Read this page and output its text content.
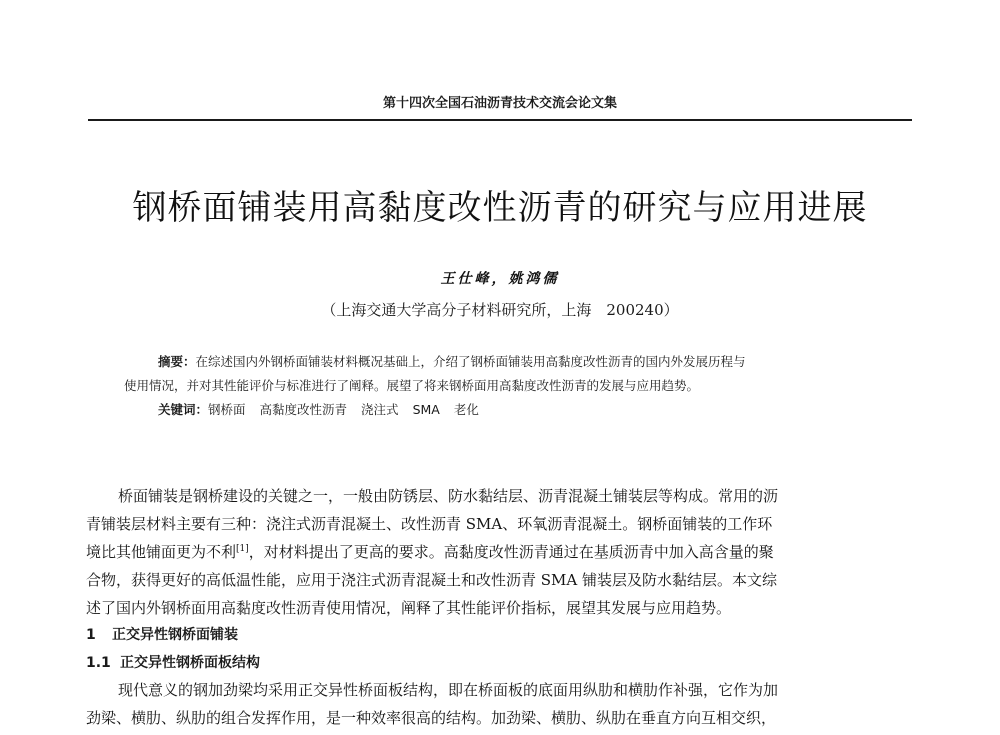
第十四次全国石油沥青技术交流会论文集
钢桥面铺装用高黏度改性沥青的研究与应用进展
王仕峰，姚鸿儒
（上海交通大学高分子材料研究所，上海　200240）
摘要：在综述国内外钢桥面铺装材料概况基础上，介绍了钢桥面铺装用高黏度改性沥青的国内外发展历程与
使用情况，并对其性能评价与标准进行了阐释。展望了将来钢桥面用高黏度改性沥青的发展与应用趋势。
关键词：钢桥面 高黏度改性沥青 浇注式 SMA 老化
桥面铺装是钢桥建设的关键之一，一般由防锈层、防水黏结层、沥青混凝土铺装层等构成。常用的沥
青铺装层材料主要有三种：浇注式沥青混凝土、改性沥青 SMA、环氧沥青混凝土。钢桥面铺装的工作环
境比其他铺面更为不利[1]，对材料提出了更高的要求。高黏度改性沥青通过在基质沥青中加入高含量的聚
合物，获得更好的高低温性能，应用于浇注式沥青混凝土和改性沥青 SMA 铺装层及防水黏结层。本文综
述了国内外钢桥面用高黏度改性沥青使用情况，阐释了其性能评价指标，展望其发展与应用趋势。
1 正交异性钢桥面铺装
1.1 正交异性钢桥面板结构
现代意义的钢加劲梁均采用正交异性桥面板结构，即在桥面板的底面用纵肋和横肋作补强，它作为加
劲梁、横肋、纵肋的组合发挥作用，是一种效率很高的结构。加劲梁、横肋、纵肋在垂直方向互相交织，
